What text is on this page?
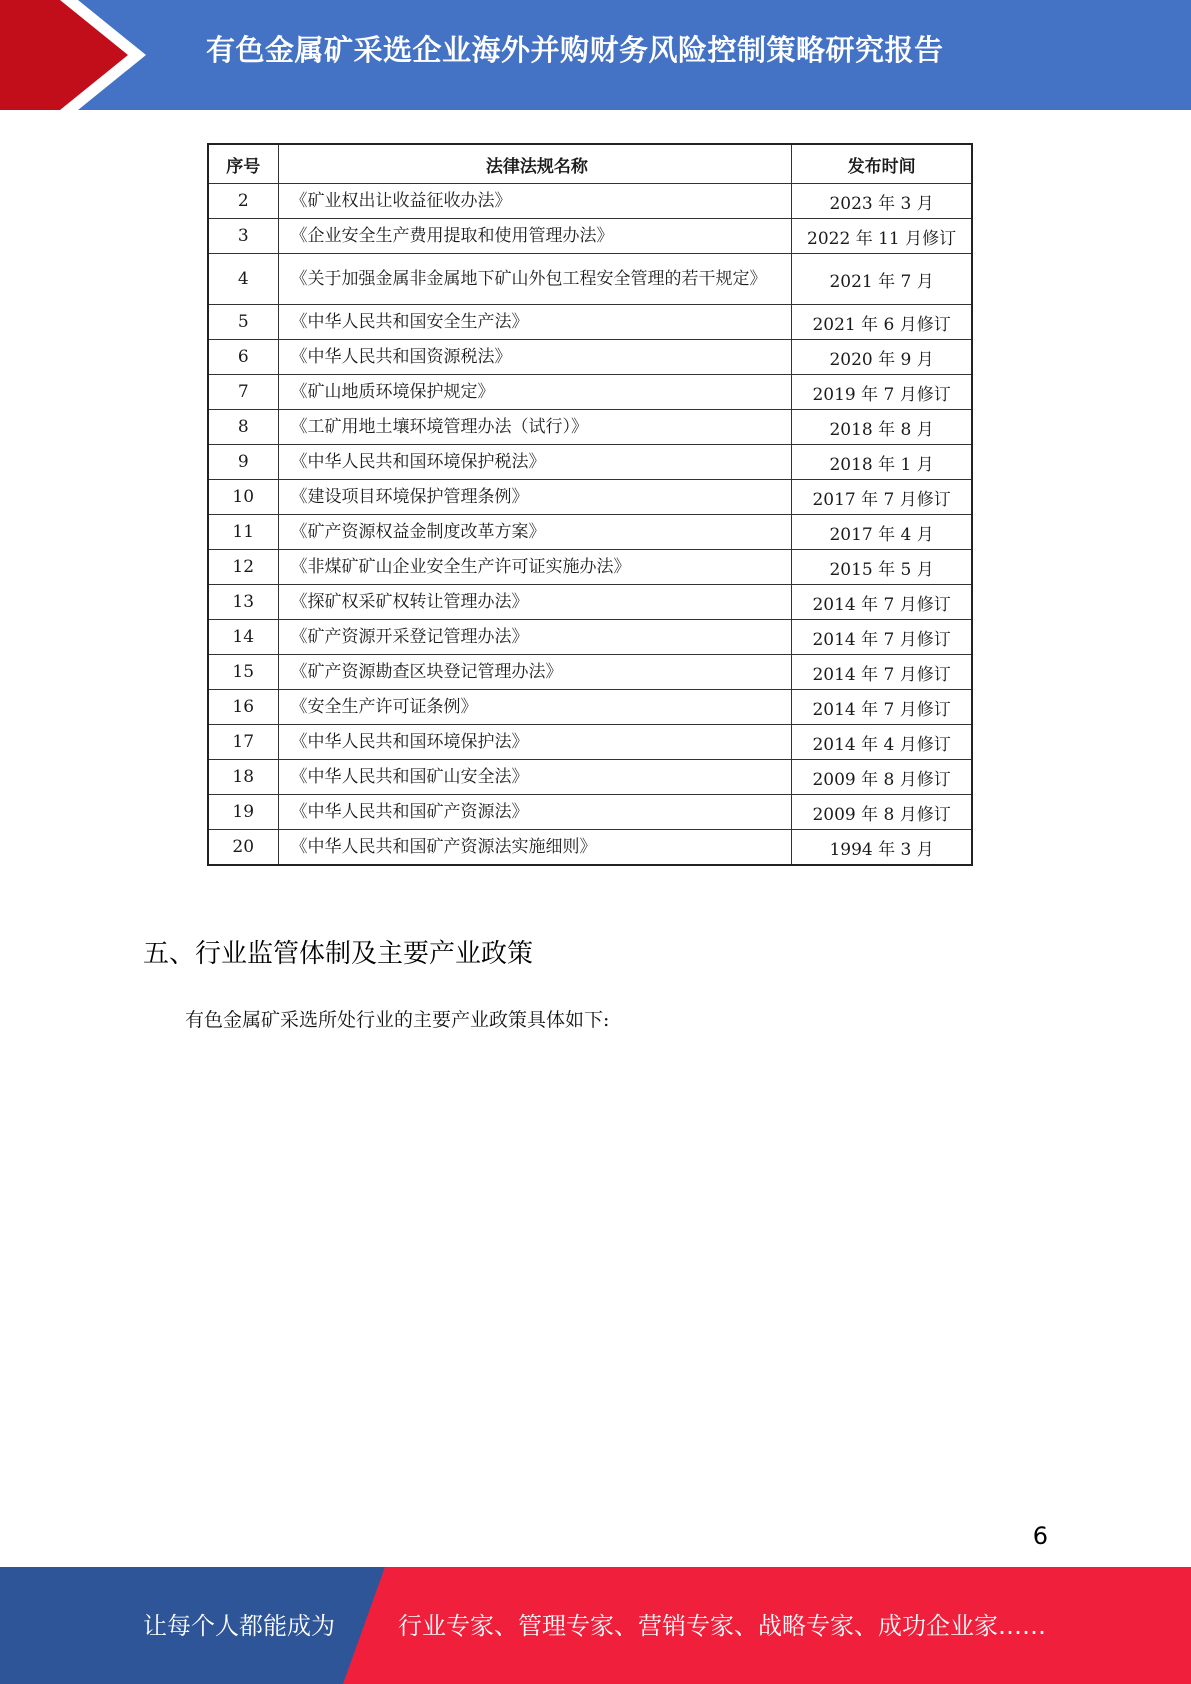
有色金属矿采选企业海外并购财务风险控制策略研究报告
序号	法律法规名称	发布时间
2	《矿业权出让收益征收办法》	2023 年 3 月
3	《企业安全生产费用提取和使用管理办法》	2022 年 11 月修订
4	《关于加强金属非金属地下矿山外包工程安全管理的若干规定》	2021 年 7 月
5	《中华人民共和国安全生产法》	2021 年 6 月修订
6	《中华人民共和国资源税法》	2020 年 9 月
7	《矿山地质环境保护规定》	2019 年 7 月修订
8	《工矿用地土壤环境管理办法（试行）》	2018 年 8 月
9	《中华人民共和国环境保护税法》	2018 年 1 月
10	《建设项目环境保护管理条例》	2017 年 7 月修订
11	《矿产资源权益金制度改革方案》	2017 年 4 月
12	《非煤矿矿山企业安全生产许可证实施办法》	2015 年 5 月
13	《探矿权采矿权转让管理办法》	2014 年 7 月修订
14	《矿产资源开采登记管理办法》	2014 年 7 月修订
15	《矿产资源勘查区块登记管理办法》	2014 年 7 月修订
16	《安全生产许可证条例》	2014 年 7 月修订
17	《中华人民共和国环境保护法》	2014 年 4 月修订
18	《中华人民共和国矿山安全法》	2009 年 8 月修订
19	《中华人民共和国矿产资源法》	2009 年 8 月修订
20	《中华人民共和国矿产资源法实施细则》	1994 年 3 月
五、行业监管体制及主要产业政策
有色金属矿采选所处行业的主要产业政策具体如下:
6
让每个人都能成为	行业专家、管理专家、营销专家、战略专家、成功企业家……
